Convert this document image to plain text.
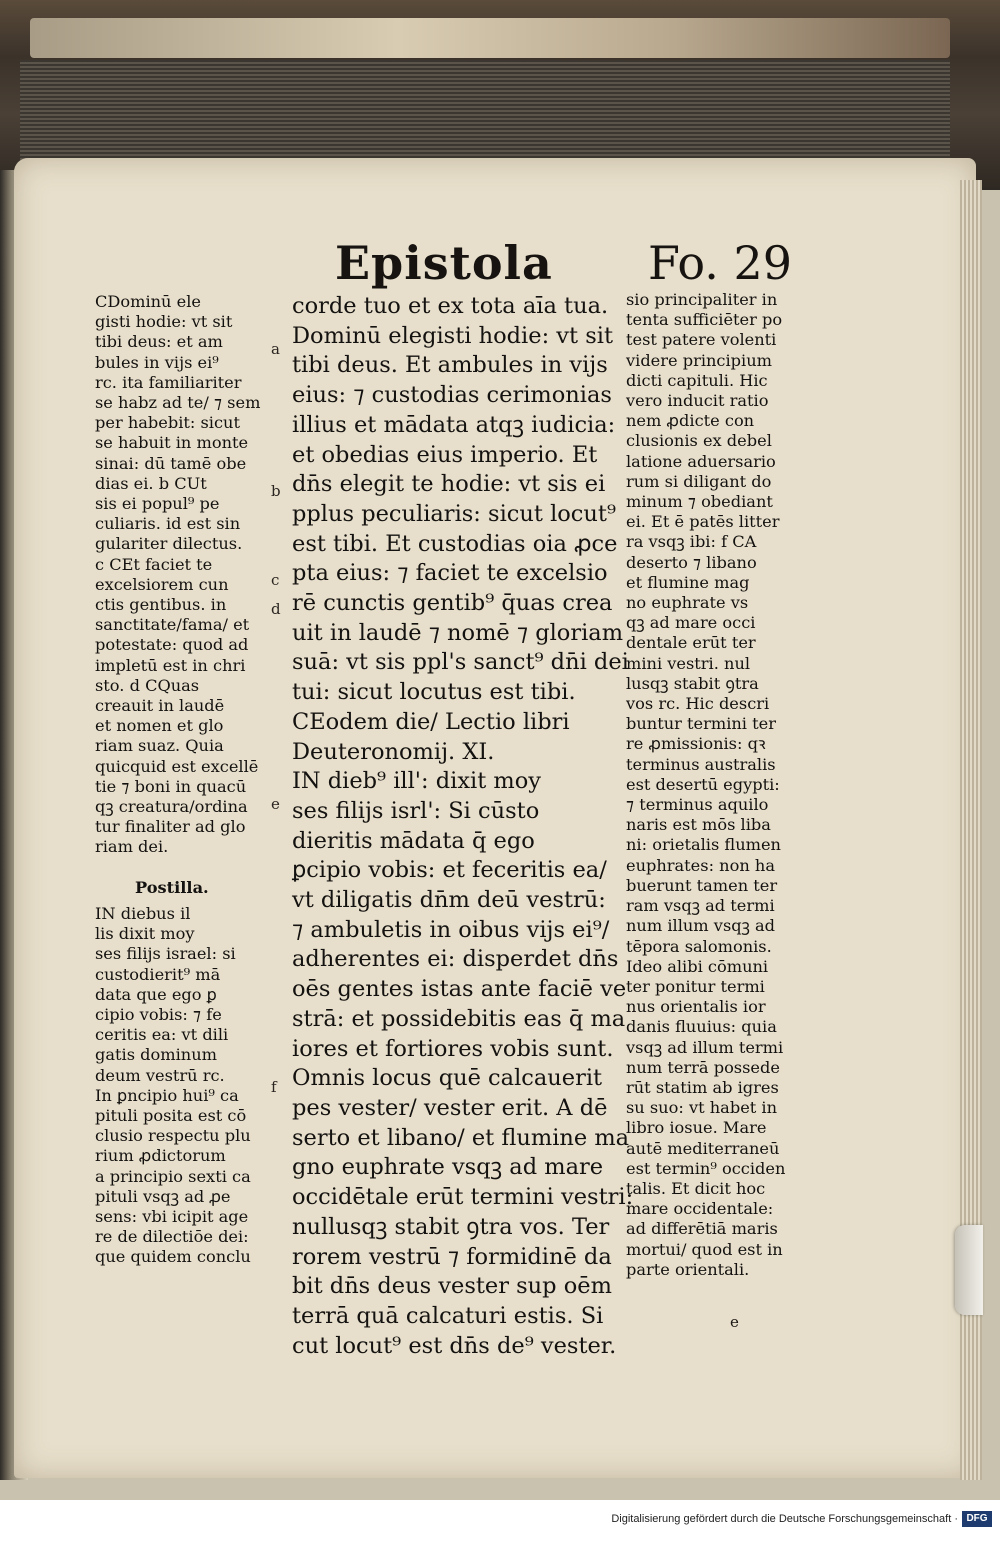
Epistola Fo. 29
CDominū ele
gisti hodie: vt sit
tibi deus: et am
bules in vijs ei⁹
rc. ita familiariter
se habz ad te/ ⁊ sem
per habebit: sicut
se habuit in monte
sinai: dū tamē obe
dias ei. b CUt
sis ei popul⁹ pe
culiaris. id est sin
gulariter dilectus.
c CEt faciet te
excelsiorem cun
ctis gentibus. in
sanctitate/fama/ et
potestate: quod ad
impletū est in chri
sto. d CQuas
creauit in laudē
et nomen et glo
riam suaz. Quia
quicquid est excellē
tie ⁊ boni in quacū
qꝫ creatura/ordina
tur finaliter ad glo
riam dei.
Postilla.
IN diebus il
lis dixit moy
ses filijs israel: si
custodierit⁹ mā
data que ego ꝑ
cipio vobis: ⁊ fe
ceritis ea: vt dili
gatis dominum
deum vestrū rc.
In ꝑncipio hui⁹ ca
pituli posita est cō
clusio respectu plu
rium ꝓdictorum
a principio sexti ca
pituli vsqꝫ ad ꝓe
sens: vbi icipit age
re de dilectiōe dei:
que quidem conclu
corde tuo et ex tota aīa tua.
Dominū elegisti hodie: vt sit
tibi deus. Et ambules in vijs
eius: ⁊ custodias cerimonias
illius et mādata atqꝫ iudicia:
et obedias eius imperio. Et
dn̄s elegit te hodie: vt sis ei
pplus peculiaris: sicut locut⁹
est tibi. Et custodias oia ꝓce
pta eius: ⁊ faciet te excelsio
rē cunctis gentib⁹ q̄uas crea
uit in laudē ⁊ nomē ⁊ gloriam
suā: vt sis ppl's sanct⁹ dn̄i dei
tui: sicut locutus est tibi.
CEodem die/ Lectio libri
Deuteronomij. XI.
IN dieb⁹ ill': dixit moy
ses filijs isrl': Si cūsto
dieritis mādata q̄ ego
ꝑcipio vobis: et feceritis ea/
vt diligatis dn̄m deū vestrū:
⁊ ambuletis in oibus vijs ei⁹/
adherentes ei: disperdet dn̄s
oēs gentes istas ante faciē ve
strā: et possidebitis eas q̄ ma
iores et fortiores vobis sunt.
Omnis locus quē calcauerit
pes vester/ vester erit. A dē
serto et libano/ et flumine ma
gno euphrate vsqꝫ ad mare
occidētale erūt termini vestri:
nullusqꝫ stabit ꝯtra vos. Ter
rorem vestrū ⁊ formidinē da
bit dn̄s deus vester sup oēm
terrā quā calcaturi estis. Si
cut locut⁹ est dn̄s de⁹ vester.
sio principaliter in
tenta sufficiēter po
test patere volenti
videre principium
dicti capituli. Hic
vero inducit ratio
nem ꝓdicte con
clusionis ex debel
latione aduersario
rum si diligant do
minum ⁊ obediant
ei. Et ē patēs litter
ra vsqꝫ ibi: f CA
deserto ⁊ libano
et flumine mag
no euphrate vs
qꝫ ad mare occi
dentale erūt ter
mini vestri. nul
lusqꝫ stabit ꝯtra
vos rc. Hic descri
buntur termini ter
re ꝓmissionis: qꝛ
terminus australis
est desertū egypti:
⁊ terminus aquilo
naris est mōs liba
ni: orietalis flumen
euphrates: non ha
buerunt tamen ter
ram vsqꝫ ad termi
num illum vsqꝫ ad
tēpora salomonis.
Ideo alibi cōmuni
ter ponitur termi
nus orientalis ior
danis fluuius: quia
vsqꝫ ad illum termi
num terrā possede
rūt statim ab igres
su suo: vt habet in
libro iosue. Mare
autē mediterraneū
est termin⁹ occiden
talis. Et dicit hoc
mare occidentale:
ad differētiā maris
mortui/ quod est in
parte orientali.
e
Digitalisierung gefördert durch die Deutsche Forschungsgemeinschaft · DFG
a
b
c
d
e
f
